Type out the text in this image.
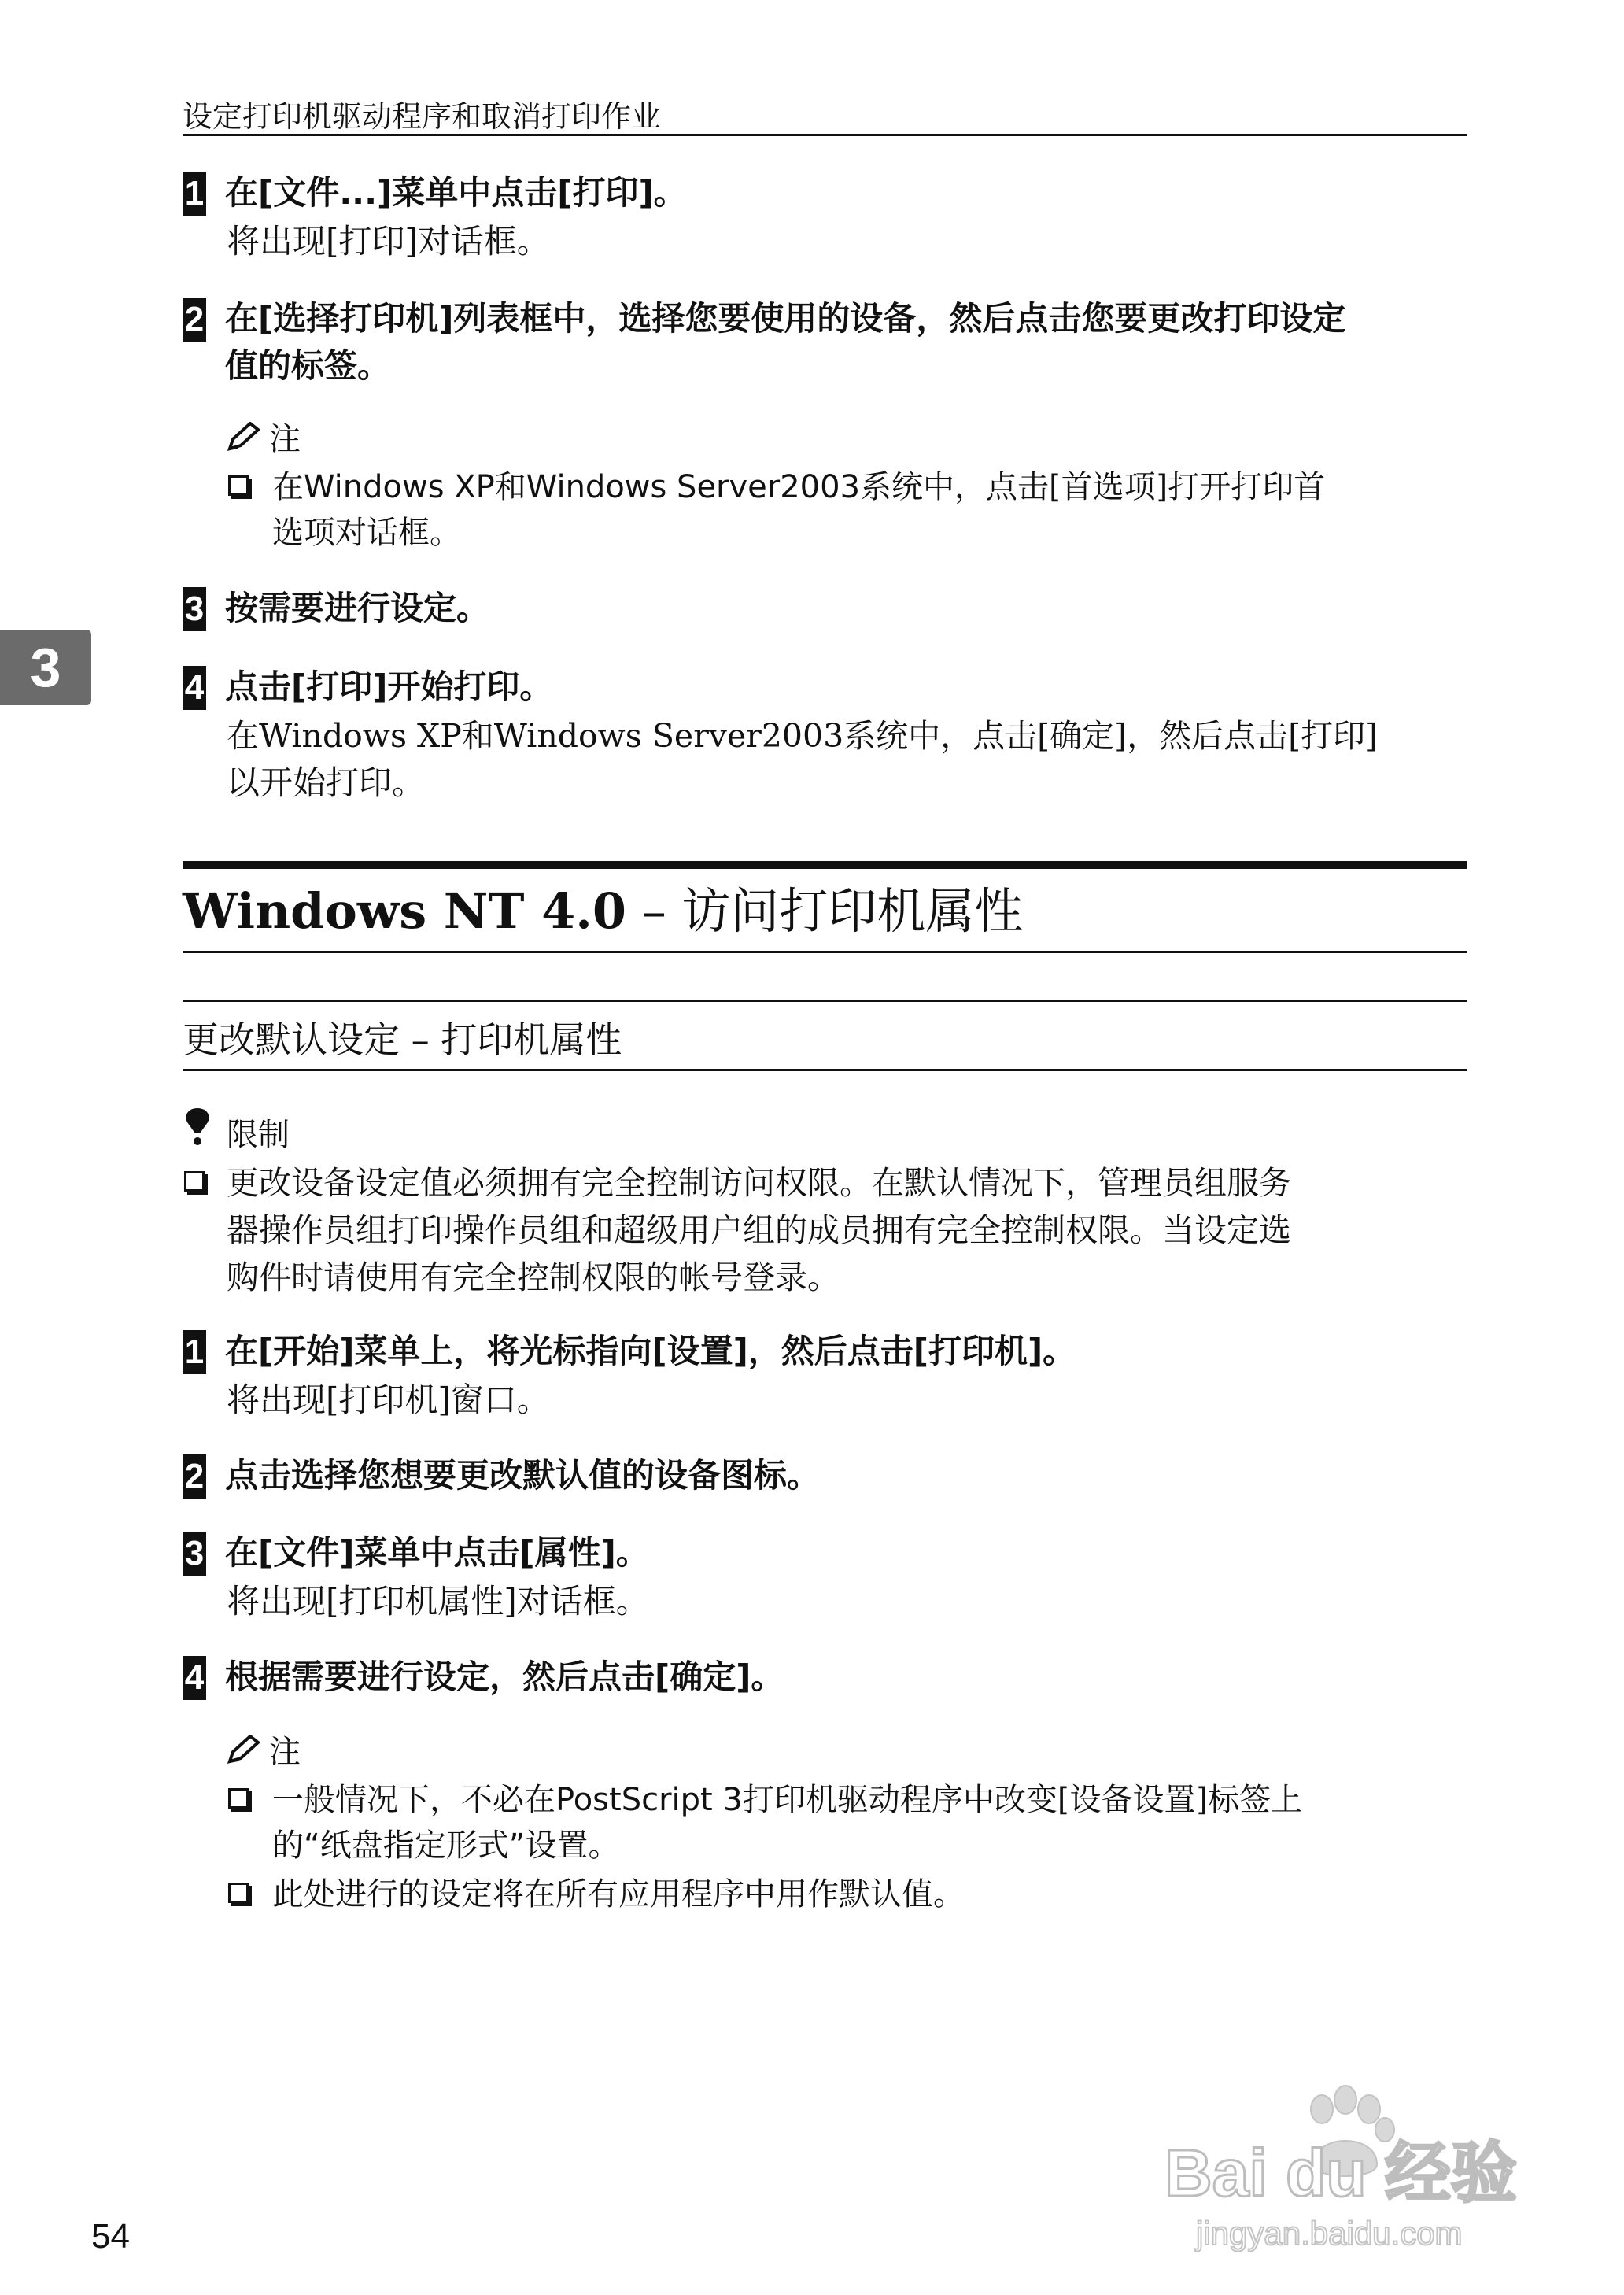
设定打印机驱动程序和取消打印作业
3
1 在[文件...]菜单中点击[打印]。
将出现[打印]对话框。
2 在[选择打印机]列表框中，选择您要使用的设备，然后点击您要更改打印设定
值的标签。
注
在Windows XP和Windows Server2003系统中，点击[首选项]打开打印首
选项对话框。
3 按需要进行设定。
4 点击[打印]开始打印。
在Windows XP和Windows Server2003系统中，点击[确定]，然后点击[打印]
以开始打印。
Windows NT 4.0 – 访问打印机属性
更改默认设定 – 打印机属性
限制
更改设备设定值必须拥有完全控制访问权限。在默认情况下，管理员组服务
器操作员组打印操作员组和超级用户组的成员拥有完全控制权限。当设定选
购件时请使用有完全控制权限的帐号登录。
1 在[开始]菜单上，将光标指向[设置]，然后点击[打印机]。
将出现[打印机]窗口。
2 点击选择您想要更改默认值的设备图标。
3 在[文件]菜单中点击[属性]。
将出现[打印机属性]对话框。
4 根据需要进行设定，然后点击[确定]。
注
一般情况下，不必在PostScript 3打印机驱动程序中改变[设备设置]标签上
的“纸盘指定形式”设置。
此处进行的设定将在所有应用程序中用作默认值。
54
Bai du 经验
jingyan.baidu.com
